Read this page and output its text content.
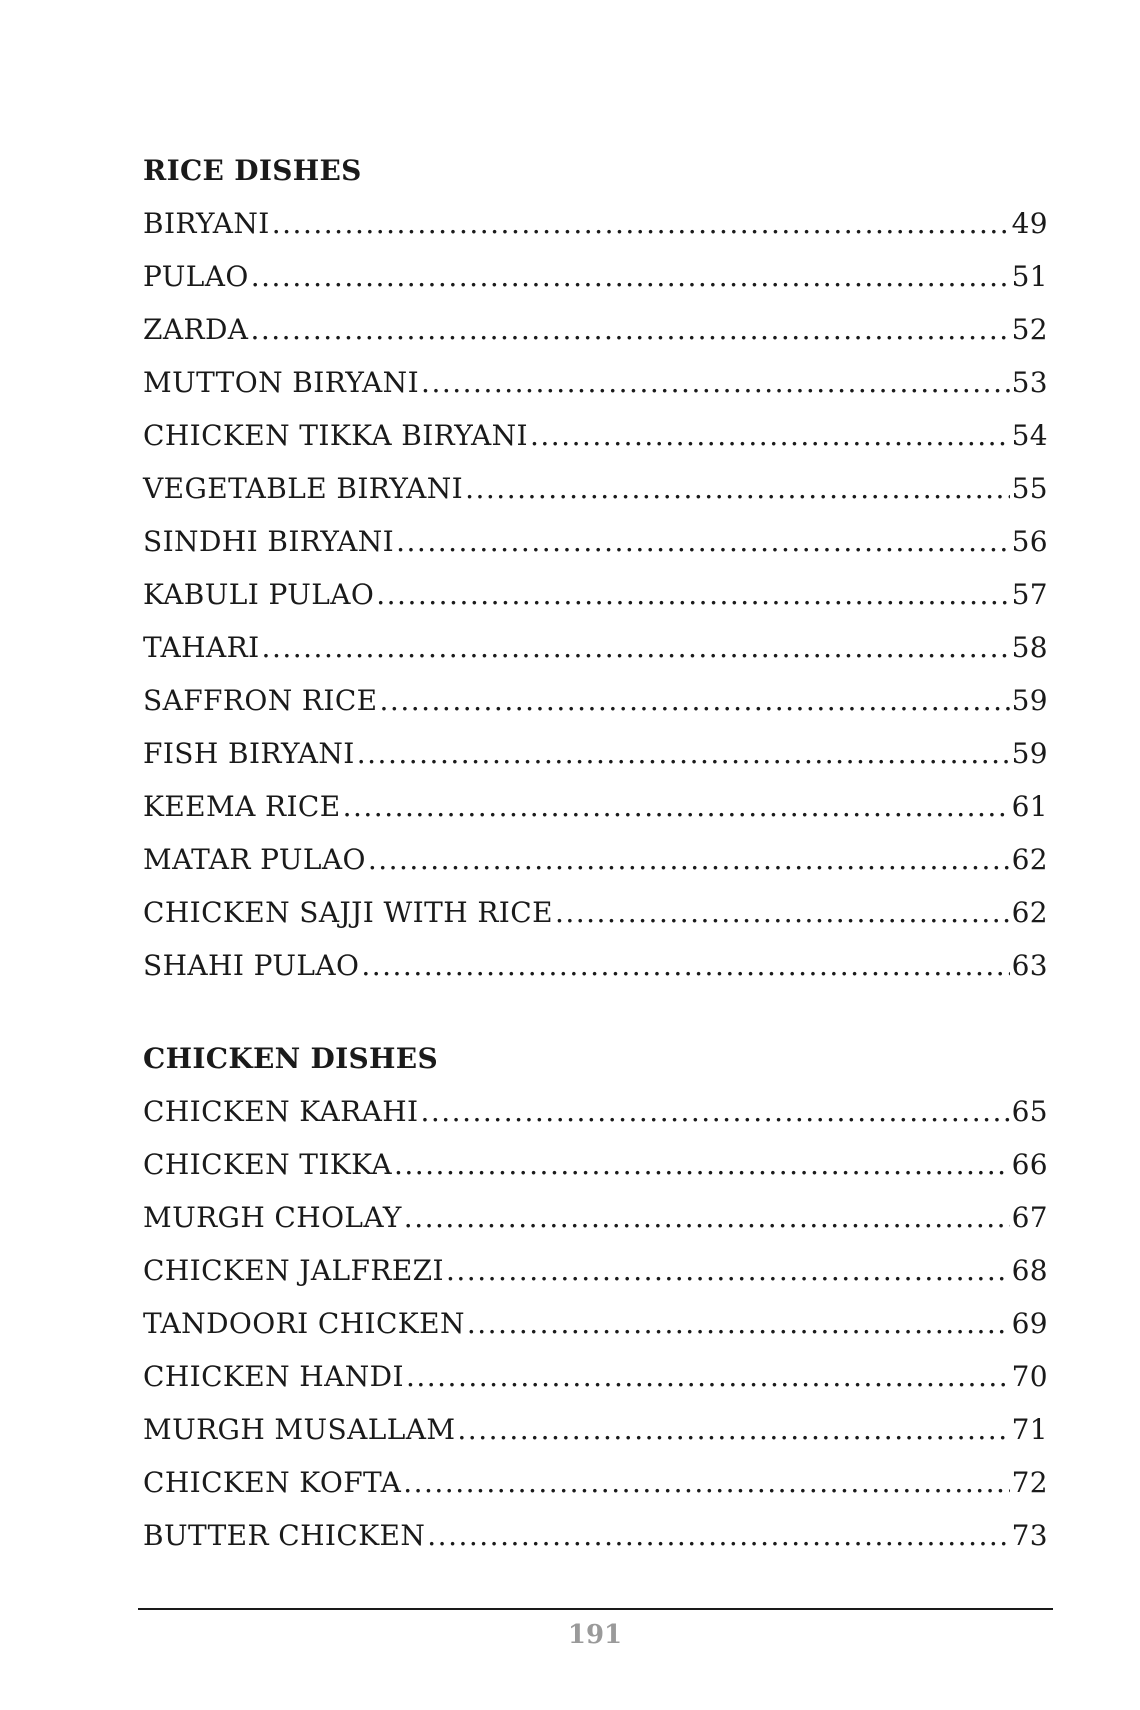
RICE DISHES
BIRYANI .....	49
PULAO .....	51
ZARDA .....	52
MUTTON BIRYANI .....	53
CHICKEN TIKKA BIRYANI .....	54
VEGETABLE BIRYANI .....	55
SINDHI BIRYANI .....	56
KABULI PULAO .....	57
TAHARI .....	58
SAFFRON RICE .....	59
FISH BIRYANI .....	59
KEEMA RICE .....	61
MATAR PULAO .....	62
CHICKEN SAJJI WITH RICE .....	62
SHAHI PULAO .....	63
CHICKEN DISHES
CHICKEN KARAHI .....	65
CHICKEN TIKKA .....	66
MURGH CHOLAY .....	67
CHICKEN JALFREZI .....	68
TANDOORI CHICKEN .....	69
CHICKEN HANDI .....	70
MURGH MUSALLAM .....	71
CHICKEN KOFTA .....	72
BUTTER CHICKEN .....	73
191
